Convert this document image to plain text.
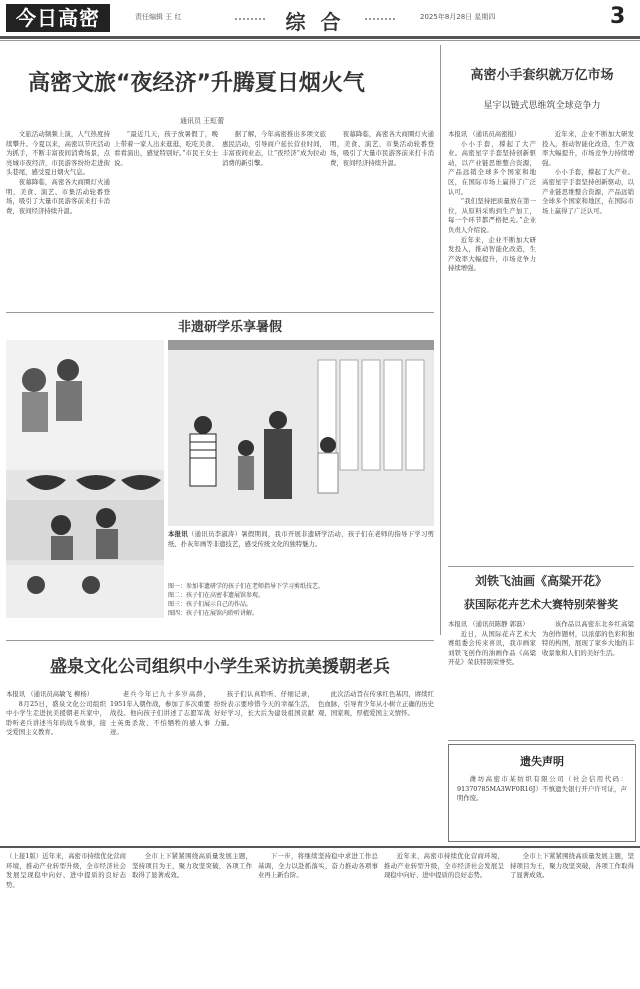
今日高密	责任编辑 王 红	综 合	2025年8月28日 星期四	3
高密文旅“夜经济”升腾夏日烟火气
通讯员 王虹蕾

文旅活动频频上演，人气热度持续攀升。今夏以来，高密以节庆活动为抓手，不断丰富夜间消费场景，点亮城市夜经济，市民游客纷纷走进街头巷尾，感受夏日烟火气息。

夜幕降临，高密各大商圈灯火通明，美食、演艺、市集活动轮番登场，吸引了大量市民游客前来打卡消费，夜间经济持续升温。

“最近几天，孩子放暑假了，晚上带着一家人出来逛逛，吃吃美食、看看演出，感觉特别好。”市民王女士说。

据了解，今年高密推出多项文旅惠民活动，引导商户延长营业时间，丰富夜间业态，让“夜经济”成为拉动消费的新引擎。

夜幕降临，高密各大商圈灯火通明，美食、演艺、市集活动轮番登场，吸引了大量市民游客前来打卡消费，夜间经济持续升温。

高密小手套织就万亿市场
星宇以链式思维筑全球竞争力

本报讯 （通讯员高密报）

小小手套，撑起了大产业。高密星宇手套坚持创新驱动，以产业链思维整合资源，产品远销全球多个国家和地区，在国际市场上赢得了广泛认可。

“我们坚持把质量放在第一位，从原料采购到生产加工，每一个环节都严格把关。”企业负责人介绍说。

近年来，企业不断加大研发投入，推动智能化改造，生产效率大幅提升，市场竞争力持续增强。

近年来，企业不断加大研发投入，推动智能化改造，生产效率大幅提升，市场竞争力持续增强。

小小手套，撑起了大产业。高密星宇手套坚持创新驱动，以产业链思维整合资源，产品远销全球多个国家和地区，在国际市场上赢得了广泛认可。

非遗研学乐享暑假

本报讯（通讯员李淑涛）暑假期间，我市开展非遗研学活动，孩子们在老师的指导下学习剪纸、扑灰年画等非遗技艺，感受传统文化的独特魅力。

图一：参加非遗研学的孩子们在老师指导下学习剪纸技艺。
图二：孩子们在高密非遗展馆参观。
图三：孩子们展示自己的作品。
图四：孩子们在展馆内聆听讲解。
刘铁飞油画《高粱开花》
获国际花卉艺术大赛特别荣誉奖

本报讯 （通讯员陈静 郭磊）

近日，从国际花卉艺术大赛组委会传来喜讯，我市画家刘铁飞创作的油画作品《高粱开花》荣获特别荣誉奖。

该作品以高密东北乡红高粱为创作题材，以浓郁的色彩和独特的构图，展现了家乡大地的丰收景象和人们的美好生活。

盛泉文化公司组织中小学生采访抗美援朝老兵

本报讯 （通讯员高敏飞 柳杨）

8月25日，盛泉文化公司组织中小学生走进抗美援朝老兵家中，聆听老兵讲述当年的战斗故事，接受爱国主义教育。

老兵今年已九十多岁高龄，1951年入朝作战，参加了多次重要战役。他向孩子们讲述了志愿军战士英勇杀敌、不怕牺牲的感人事迹。

孩子们认真聆听、仔细记录，纷纷表示要珍惜今天的幸福生活，好好学习，长大后为建设祖国贡献力量。

此次活动旨在传承红色基因，赓续红色血脉，引导青少年从小树立正确的历史观、国家观，厚植爱国主义情怀。

遗失声明

潍坊高密市某纺织有限公司（社会信用代码：91370785MA3WF0R16J）不慎遗失银行开户许可证，声明作废。

（上接1版）近年来，高密市持续优化营商环境，推动产业转型升级，全市经济社会发展呈现稳中向好、进中提质的良好态势。

全市上下紧紧围绕高质量发展主题，坚持项目为王，聚力攻坚突破，各项工作取得了显著成效。

下一步，将继续坚持稳中求进工作总基调，全力以赴抓落实，奋力推动各项事业再上新台阶。

近年来，高密市持续优化营商环境，推动产业转型升级，全市经济社会发展呈现稳中向好、进中提质的良好态势。

全市上下紧紧围绕高质量发展主题，坚持项目为王，聚力攻坚突破，各项工作取得了显著成效。
